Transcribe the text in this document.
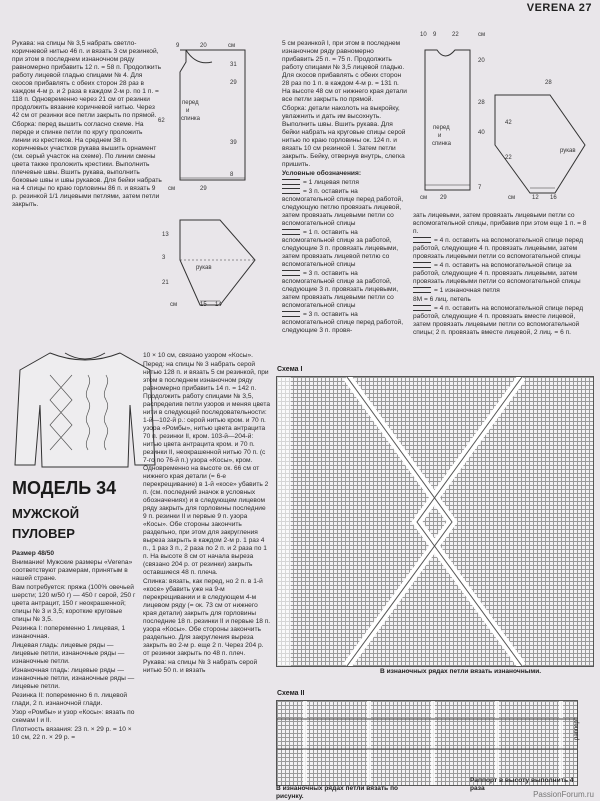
VERENA 27

Рукава: на спицы № 3,5 набрать светло-коричневой нитью 46 п. и вязать 3 см резинкой, при этом в последнем изнаночном ряду равномерно прибавить 12 п. = 58 п. Продолжить работу лицевой гладью спицами № 4. Для скосов прибавлять с обеих сторон 28 раз в каждом 4-м р. и 2 раза в каждом 2-м р. по 1 п. = 118 п. Одновременно через 21 см от резинки продолжить вязание коричневой нитью. Через 42 см от резинки все петли закрыть по прямой.

Сборка: перед вышить согласно схеме. На переде и спинке петли по кругу проложить линии из крестиков. На среднем 38 п. коричневых участков рукава вышить орнамент (см. серый участок на схеме). По линии смены цвета также проложить крестики. Выполнить плечевые швы. Вшить рукава, выполнить боковые швы и швы рукавов. Для бейки набрать на 4 спицы по краю горловины 86 п. и вязать 9 р. резинкой 1/1 лицевыми петлями, затем петли закрыть.

перед
и
спинка
9	20
29
31
62
39
8
29
см
см
рукав
13
3
21
15 14
см
МОДЕЛЬ 34
МУЖСКОЙ
ПУЛОВЕР

Размер 48/50

Внимание! Мужские размеры «Verena» соответствуют размерам, принятым в нашей стране.

Вам потребуется: пряжа (100% овечьей шерсти; 120 м/50 г) — 450 г серой, 250 г цвета антрацит, 150 г неокрашенной; спицы № 3 и 3,5; короткие круговые спицы № 3,5.

Резинка I: попеременно 1 лицевая, 1 изнаночная.

Лицевая гладь: лицевые ряды — лицевые петли, изнаночные ряды — изнаночные петли.

Изнаночная гладь: лицевые ряды — изнаночные петли, изнаночные ряды — лицевые петли.

Резинка II: попеременно 6 п. лицевой глади, 2 п. изнаночной глади.

Узор «Ромбы» и узор «Косы»: вязать по схемам I и II.

Плотность вязания: 23 п. × 29 р. = 10 × 10 см, 22 п. × 29 р. =

10 × 10 см, связано узором «Косы».

Перед: на спицы № 3 набрать серой нитью 128 п. и вязать 5 см резинкой, при этом в последнем изнаночном ряду равномерно прибавить 14 п. = 142 п. Продолжить работу спицами № 3,5, распределив петли узоров и меняя цвета нити в следующей последовательности: 1-й—102-й р.: серой нитью кром. и 70 п. узора «Ромбы», нитью цвета антрацита 70 п. резинки II, кром. 103-й—204-й: нитью цвета антрацита кром. и 70 п. резинки II, неокрашенной нитью 70 п. (с 7-го по 76-й п.) узора «Косы», кром. Одновременно на высоте ок. 66 см от нижнего края детали (= 6-е перекрещивание) в 1-й «косе» убавить 2 п. (см. последний значок в условных обозначениях) и в следующем лицевом ряду закрыть для горловины последние 9 п. резинки II и первые 9 п. узора «Косы». Обе стороны закончить раздельно, при этом для закругления выреза закрыть в каждом 2-м р. 1 раз 4 п., 1 раз 3 п., 2 раза по 2 п. и 2 раза по 1 п. На высоте 8 см от начала выреза (связано 204 р. от резинки) закрыть оставшиеся 48 п. плеча.

Спинка: вязать, как перед, но 2 п. в 1-й «косе» убавить уже на 9-м перекрещивании и в следующем 4-м лицевом ряду (= ок. 73 см от нижнего края детали) закрыть для горловины последние 18 п. резинки II и первые 18 п. узора «Косы». Обе стороны закончить раздельно. Для закругления выреза закрыть во 2-м р. еще 2 п. Через 204 р. от резинки закрыть по 48 п. плеч.

Рукава: на спицы № 3 набрать серой нитью 50 п. и вязать

5 см резинкой I, при этом в последнем изнаночном ряду равномерно прибавить 25 п. = 75 п. Продолжить работу спицами № 3,5 лицевой гладью. Для скосов прибавлять с обеих сторон 28 раз по 1 п. в каждом 4-м р. = 131 п. На высоте 48 см от нижнего края детали все петли закрыть по прямой.

Сборка: детали наколоть на выкройку, увлажнить и дать им высохнуть. Выполнить швы. Вшить рукава. Для бейки набрать на круговые спицы серой нитью по краю горловины ок. 124 п. и вязать 10 см резинкой I. Затем петли закрыть. Бейку, отвернув внутрь, слегка пришить.

Условные обозначения:

= 1 лицевая петля

= 3 п. оставить на вспомогательной спице перед работой, следующую петлю провязать лицевой, затем провязать лицевыми петли со вспомогательной спицы

= 1 п. оставить на вспомогательной спице за работой, следующие 3 п. провязать лицевыми, затем провязать лицевой петлю со вспомогательной спицы

= 3 п. оставить на вспомогательной спице за работой, следующие 3 п. провязать лицевыми, затем провязать лицевыми петли со вспомогательной спицы

= 3 п. оставить на вспомогательной спице перед работой, следующие 3 п. провя-

перед
и
спинка
10 9	22
20
28
40
7
29
см
см
рукав
28
42
22
12 16
см

зать лицевыми, затем провязать лицевыми петли со вспомогательной спицы, прибавив при этом еще 1 п. = 8 п.

= 4 п. оставить на вспомогательной спице перед работой, следующие 4 п. провязать лицевыми, затем провязать лицевыми петли со вспомогательной спицы

= 4 п. оставить на вспомогательной спице за работой, следующие 4 п. провязать лицевыми, затем провязать лицевыми петли со вспомогательной спицы

= 1 изнаночная петля

8М = 6 лиц. петель

= 4 п. оставить на вспомогательной спице перед работой, следующие 4 п. провязать вместе лицевой, затем провязать лицевыми петли со вспомогательной спицы; 2 п. провязать вместе лицевой, 2 лиц. = 6 п.

Схема I
В изнаночных рядах петли вязать изнаночными.
Схема II
раппорт
В изнаночных рядах петли вязать по рисунку.
Раппорт в высоту выполнить 4 раза
PassionForum.ru
